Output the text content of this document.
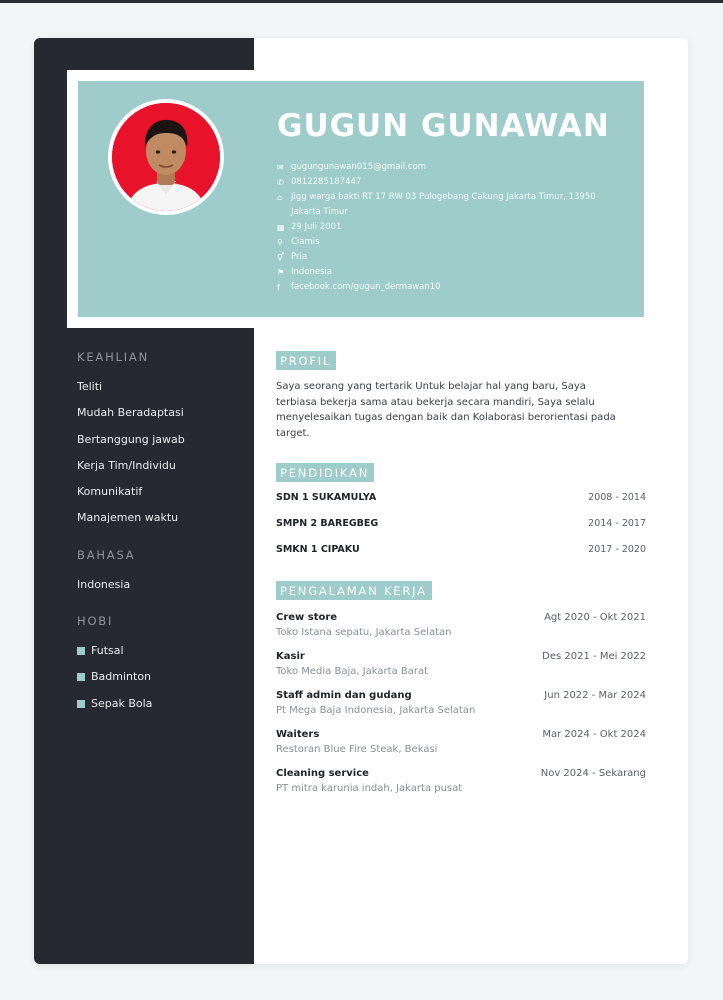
GUGUN GUNAWAN
✉ gugungunawan015@gmail.com
✆ 0812285187447
⌂	Jigg warga bakti RT 17 RW 03 Pulogebang Cakung Jakarta Timur, 13950 Jakarta Timur
▦ 29 Juli 2001
⚲ Ciamis
⚥ Pria
⚑ Indonesia
f	facebook.com/gugun_dermawan10
KEAHLIAN
Teliti
Mudah Beradaptasi
Bertanggung jawab
Kerja Tim/Individu
Komunikatif
Manajemen waktu
BAHASA
Indonesia
HOBI
Futsal
Badminton
Sepak Bola
PROFIL
Saya seorang yang tertarik Untuk belajar hal yang baru, Saya terbiasa bekerja sama atau bekerja secara mandiri, Saya selalu menyelesaikan tugas dengan baik dan Kolaborasi berorientasi pada target.
PENDIDIKAN
SDN 1 SUKAMULYA	2008 - 2014
SMPN 2 BAREGBEG	2014 - 2017
SMKN 1 CIPAKU	2017 - 2020
PENGALAMAN KERJA
Crew store	Agt 2020 - Okt 2021
Toko Istana sepatu, Jakarta Selatan
Kasir	Des 2021 - Mei 2022
Toko Media Baja, Jakarta Barat
Staff admin dan gudang	Jun 2022 - Mar 2024
Pt Mega Baja Indonesia, Jakarta Selatan
Waiters	Mar 2024 - Okt 2024
Restoran Blue Fire Steak, Bekasi
Cleaning service	Nov 2024 - Sekarang
PT mitra karunia indah, Jakarta pusat
